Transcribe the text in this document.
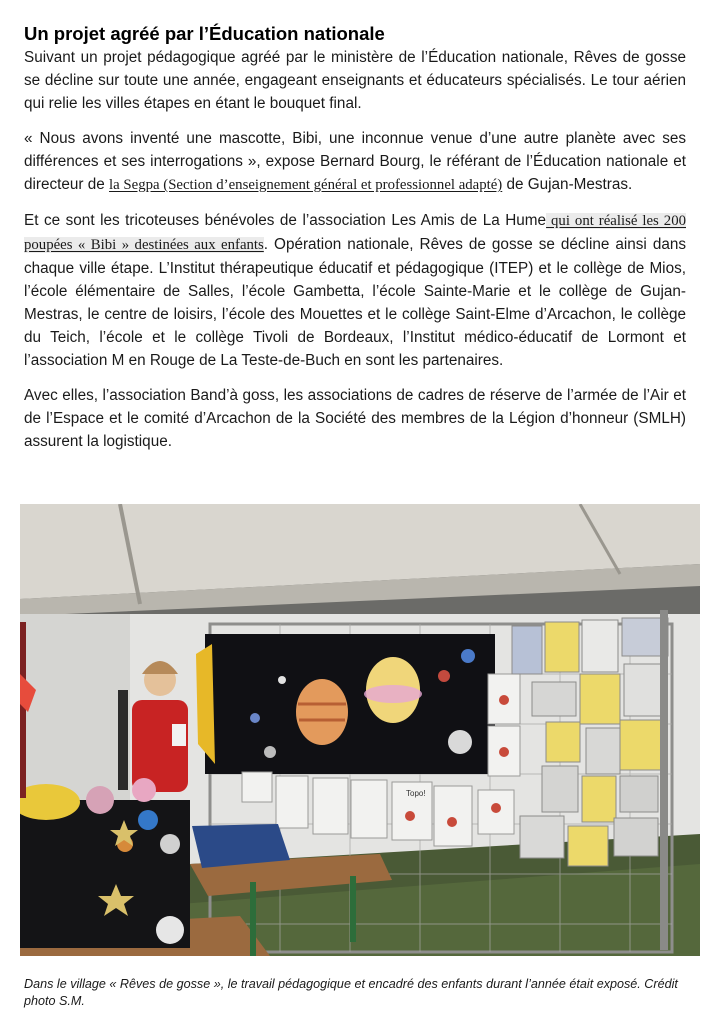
Un projet agréé par l’Éducation nationale

Suivant un projet pédagogique agréé par le ministère de l’Éducation nationale, Rêves de gosse se décline sur toute une année, engageant enseignants et éducateurs spécialisés. Le tour aérien qui relie les villes étapes en étant le bouquet final.

« Nous avons inventé une mascotte, Bibi, une inconnue venue d’une autre planète avec ses différences et ses interrogations », expose Bernard Bourg, le référant de l’Éducation nationale et directeur de la Segpa (Section d’enseignement général et professionnel adapté) de Gujan-Mestras.

Et ce sont les tricoteuses bénévoles de l’association Les Amis de La Hume qui ont réalisé les 200 poupées « Bibi » destinées aux enfants. Opération nationale, Rêves de gosse se décline ainsi dans chaque ville étape. L’Institut thérapeutique éducatif et pédagogique (ITEP) et le collège de Mios, l’école élémentaire de Salles, l’école Gambetta, l’école Sainte-Marie et le collège de Gujan-Mestras, le centre de loisirs, l’école des Mouettes et le collège Saint-Elme d’Arcachon, le collège du Teich, l’école et le collège Tivoli de Bordeaux, l’Institut médico-éducatif de Lormont et l’association M en Rouge de La Teste-de-Buch en sont les partenaires.

Avec elles, l’association Band’à goss, les associations de cadres de réserve de l’armée de l’Air et de l’Espace et le comité d’Arcachon de la Société des membres de la Légion d’honneur (SMLH) assurent la logistique.

Topo!

Dans le village « Rêves de gosse », le travail pédagogique et encadré des enfants durant l’année était exposé. Crédit photo S.M.
